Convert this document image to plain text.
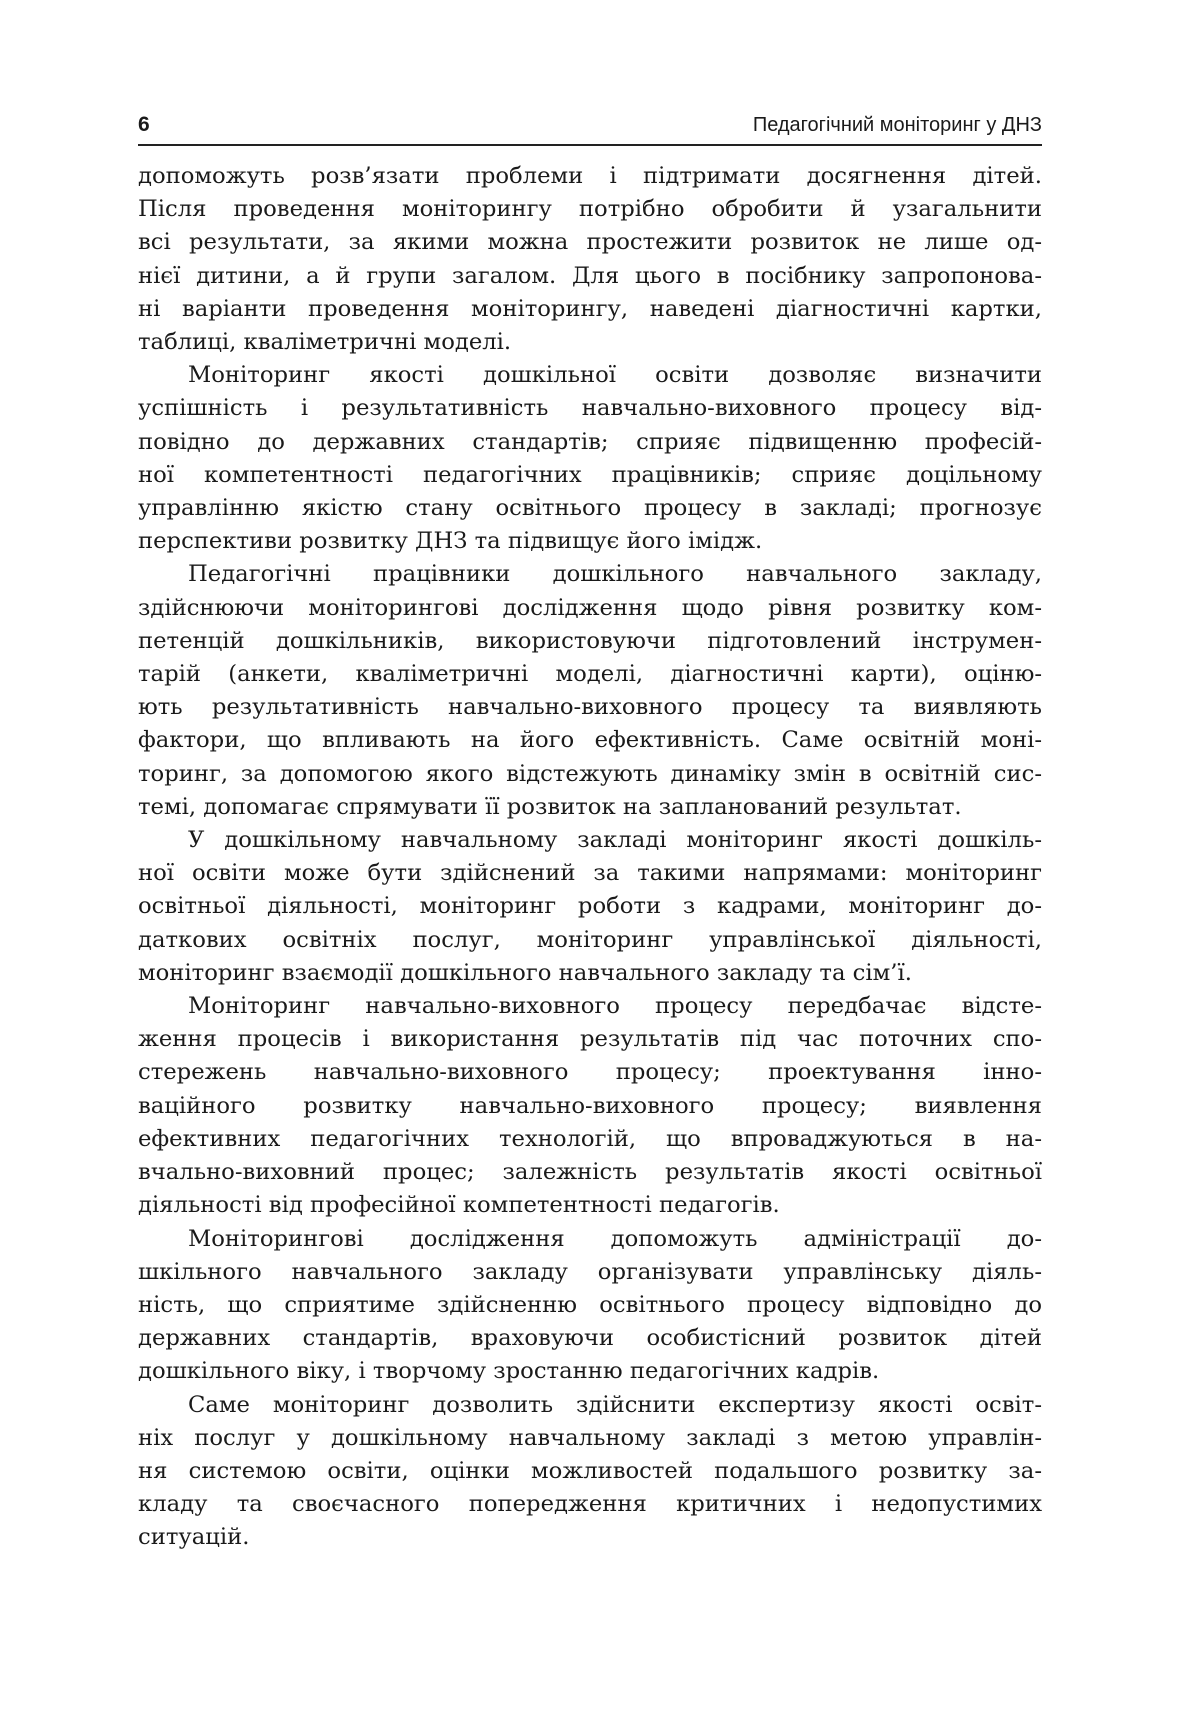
6	Педагогічний моніторинг у ДНЗ

допоможуть розв’язати проблеми і підтримати досягнення дітей.
Після проведення моніторингу потрібно обробити й узагальнити
всі результати, за якими можна простежити розвиток не лише од-
нієї дитини, а й групи загалом. Для цього в посібнику запропонова-
ні варіанти проведення моніторингу, наведені діагностичні картки,
таблиці, кваліметричні моделі.

Моніторинг якості дошкільної освіти дозволяє визначити
успішність і результативність навчально-виховного процесу від-
повідно до державних стандартів; сприяє підвищенню професій-
ної компетентності педагогічних працівників; сприяє доцільному
управлінню якістю стану освітнього процесу в закладі; прогнозує
перспективи розвитку ДНЗ та підвищує його імідж.

Педагогічні працівники дошкільного навчального закладу,
здійснюючи моніторингові дослідження щодо рівня розвитку ком-
петенцій дошкільників, використовуючи підготовлений інструмен-
тарій (анкети, кваліметричні моделі, діагностичні карти), оціню-
ють результативність навчально-виховного процесу та виявляють
фактори, що впливають на його ефективність. Саме освітній моні-
торинг, за допомогою якого відстежують динаміку змін в освітній сис-
темі, допомагає спрямувати її розвиток на запланований результат.

У дошкільному навчальному закладі моніторинг якості дошкіль-
ної освіти може бути здійснений за такими напрямами: моніторинг
освітньої діяльності, моніторинг роботи з кадрами, моніторинг до-
даткових освітніх послуг, моніторинг управлінської діяльності,
моніторинг взаємодії дошкільного навчального закладу та сім’ї.

Моніторинг навчально-виховного процесу передбачає відсте-
ження процесів і використання результатів під час поточних спо-
стережень навчально-виховного процесу; проектування інно-
ваційного розвитку навчально-виховного процесу; виявлення
ефективних педагогічних технологій, що впроваджуються в на-
вчально-виховний процес; залежність результатів якості освітньої
діяльності від професійної компетентності педагогів.

Моніторингові дослідження допоможуть адміністрації до-
шкільного навчального закладу організувати управлінську діяль-
ність, що сприятиме здійсненню освітнього процесу відповідно до
державних стандартів, враховуючи особистісний розвиток дітей
дошкільного віку, і творчому зростанню педагогічних кадрів.

Саме моніторинг дозволить здійснити експертизу якості освіт-
ніх послуг у дошкільному навчальному закладі з метою управлін-
ня системою освіти, оцінки можливостей подальшого розвитку за-
кладу та своєчасного попередження критичних і недопустимих
ситуацій.
